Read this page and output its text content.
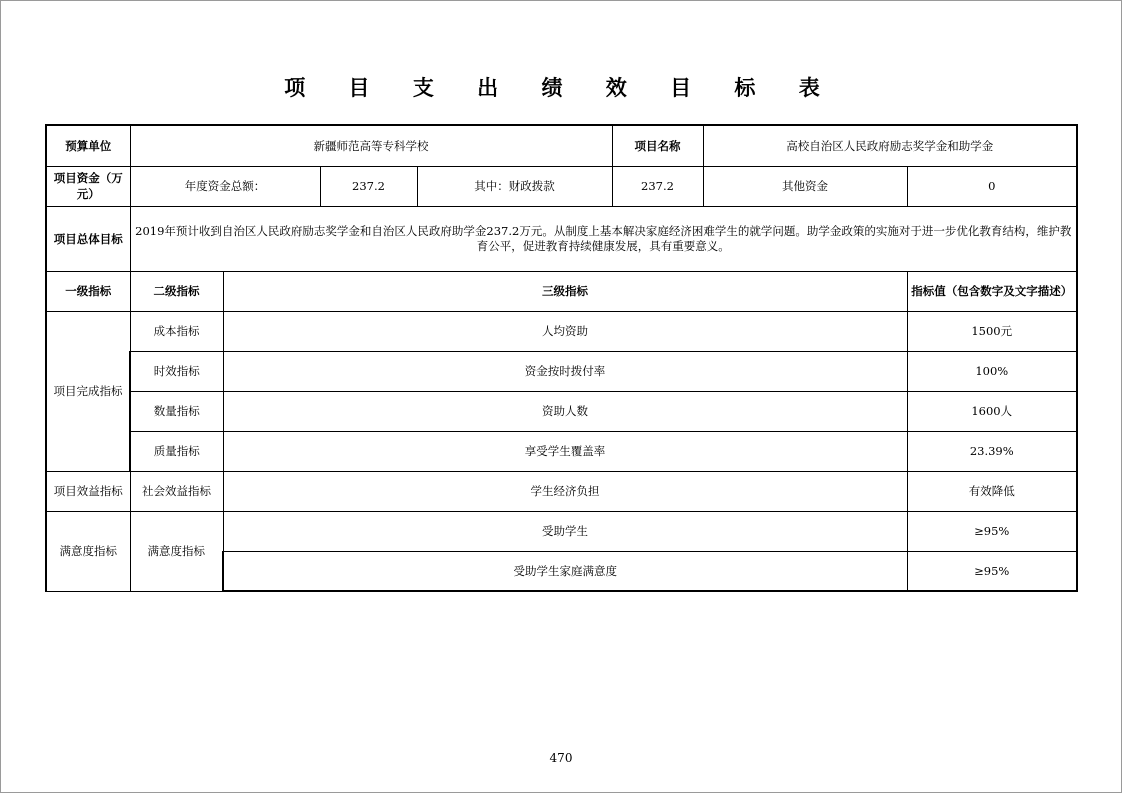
项 目 支 出 绩 效 目 标 表
预算单位	新疆师范高等专科学校				项目名称	高校自治区人民政府励志奖学金和助学金	
项目资金（万元）	年度资金总额：		237.2	其中：财政拨款	237.2	其他资金	0
项目总体目标	2019年预计收到自治区人民政府励志奖学金和自治区人民政府助学金237.2万元。从制度上基本解决家庭经济困难学生的就学问题。助学金政策的实施对于进一步优化教育结构，维护教育公平，促进教育持续健康发展，具有重要意义。						
一级指标	二级指标	三级指标					指标值（包含数字及文字描述）
项目完成指标	成本指标	人均资助					1500元
	时效指标	资金按时拨付率					100%
	数量指标	资助人数					1600人
	质量指标	享受学生覆盖率					23.39%
项目效益指标	社会效益指标	学生经济负担					有效降低
满意度指标	满意度指标	受助学生					≥95%
		受助学生家庭满意度					≥95%
470
